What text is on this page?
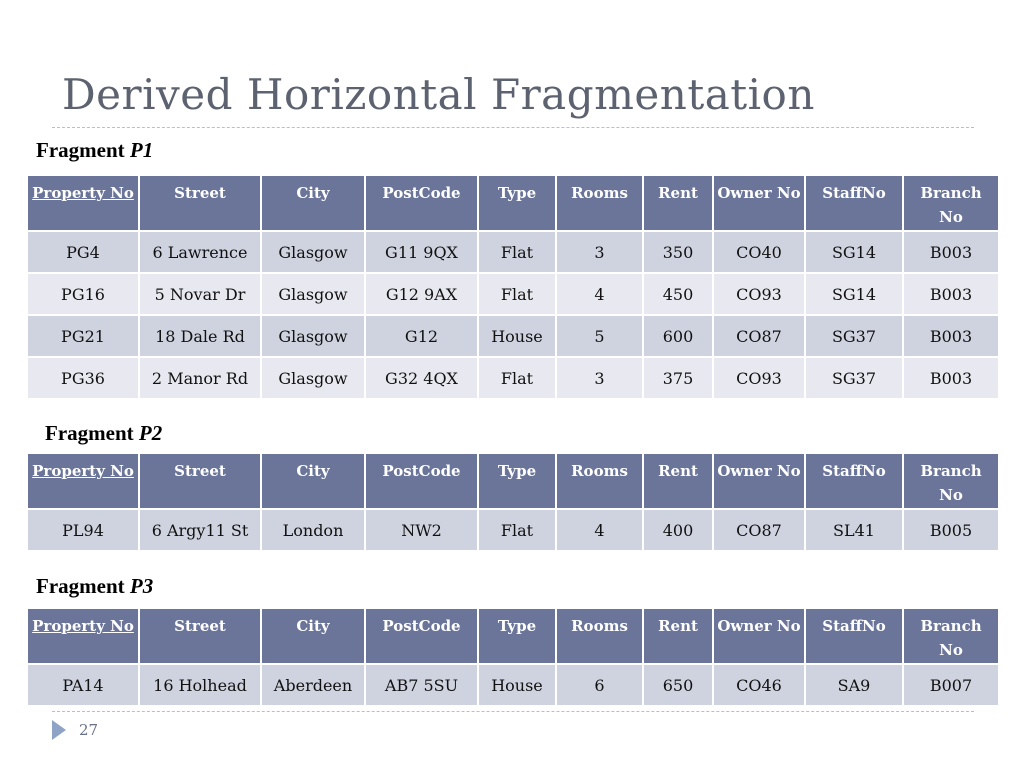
Derived Horizontal Fragmentation
Fragment P1
Property No	Street	City	PostCode	Type	Rooms	Rent	Owner No	StaffNo	Branch No
PG4	6 Lawrence	Glasgow	G11 9QX	Flat	3	350	CO40	SG14	B003
PG16	5 Novar Dr	Glasgow	G12 9AX	Flat	4	450	CO93	SG14	B003
PG21	18 Dale Rd	Glasgow	G12	House	5	600	CO87	SG37	B003
PG36	2 Manor Rd	Glasgow	G32 4QX	Flat	3	375	CO93	SG37	B003
Fragment P2
Property No	Street	City	PostCode	Type	Rooms	Rent	Owner No	StaffNo	Branch No
PL94	6 Argy11 St	London	NW2	Flat	4	400	CO87	SL41	B005
Fragment P3
Property No	Street	City	PostCode	Type	Rooms	Rent	Owner No	StaffNo	Branch No
PA14	16 Holhead	Aberdeen	AB7 5SU	House	6	650	CO46	SA9	B007
27
